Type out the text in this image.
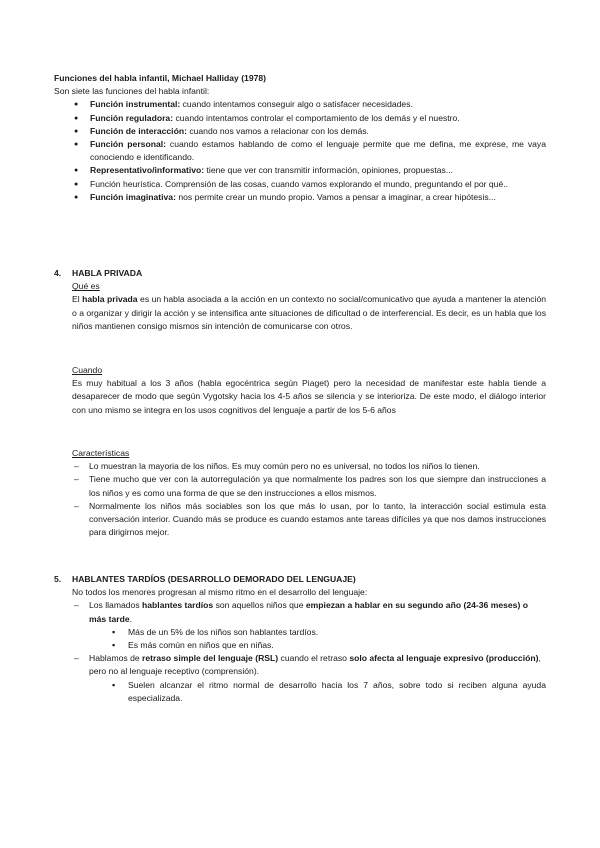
Funciones del habla infantil, Michael Halliday (1978)

Son siete las funciones del habla infantil:

● Función instrumental: cuando intentamos conseguir algo o satisfacer necesidades.
● Función reguladora: cuando intentamos controlar el comportamiento de los demás y el nuestro.
● Función de interacción: cuando nos vamos a relacionar con los demás.
● Función personal: cuando estamos hablando de como el lenguaje permite que me defina, me exprese, me vaya conociendo e identificando.
● Representativo/informativo: tiene que ver con transmitir información, opiniones, propuestas...
● Función heurística. Comprensión de las cosas, cuando vamos explorando el mundo, preguntando el por qué..
● Función imaginativa: nos permite crear un mundo propio. Vamos a pensar a imaginar, a crear hipótesis...

4. HABLA PRIVADA

Qué es

El habla privada es un habla asociada a la acción en un contexto no social/comunicativo que ayuda a mantener la atención o a organizar y dirigir la acción y se intensifica ante situaciones de dificultad o de interferencial. Es decir, es un habla que los niños mantienen consigo mismos sin intención de comunicarse con otros.

Cuando

Es muy habitual a los 3 años (habla egocéntrica según Piaget) pero la necesidad de manifestar este habla tiende a desaparecer de modo que según Vygotsky hacia los 4-5 años se silencia y se interioriza. De este modo, el diálogo interior con uno mismo se integra en los usos cognitivos del lenguaje a partir de los 5-6 años

Características

– Lo muestran la mayoria de los niños. Es muy común pero no es universal, no todos los niños lo tienen.
– Tiene mucho que ver con la autorregulación ya que normalmente los padres son los que siempre dan instrucciones a los niños y es como una forma de que se den instrucciones a ellos mismos.
– Normalmente los niños más sociables son los que más lo usan, por lo tanto, la interacción social estimula esta conversación interior. Cuando más se produce es cuando estamos ante tareas difíciles ya que nos damos instrucciones para dirigirnos mejor.

5. HABLANTES TARDÍOS (DESARROLLO DEMORADO DEL LENGUAJE)

No todos los menores progresan al mismo ritmo en el desarrollo del lenguaje:

– Los llamados hablantes tardíos son aquellos niños que empiezan a hablar en su segundo año (24-36 meses) o más tarde.
▪ Más de un 5% de los niños son hablantes tardíos.
▪ Es más común en niños que en niñas.
– Hablamos de retraso simple del lenguaje (RSL) cuando el retraso solo afecta al lenguaje expresivo (producción), pero no al lenguaje receptivo (comprensión).
▪ Suelen alcanzar el ritmo normal de desarrollo hacia los 7 años, sobre todo si reciben alguna ayuda especializada.
